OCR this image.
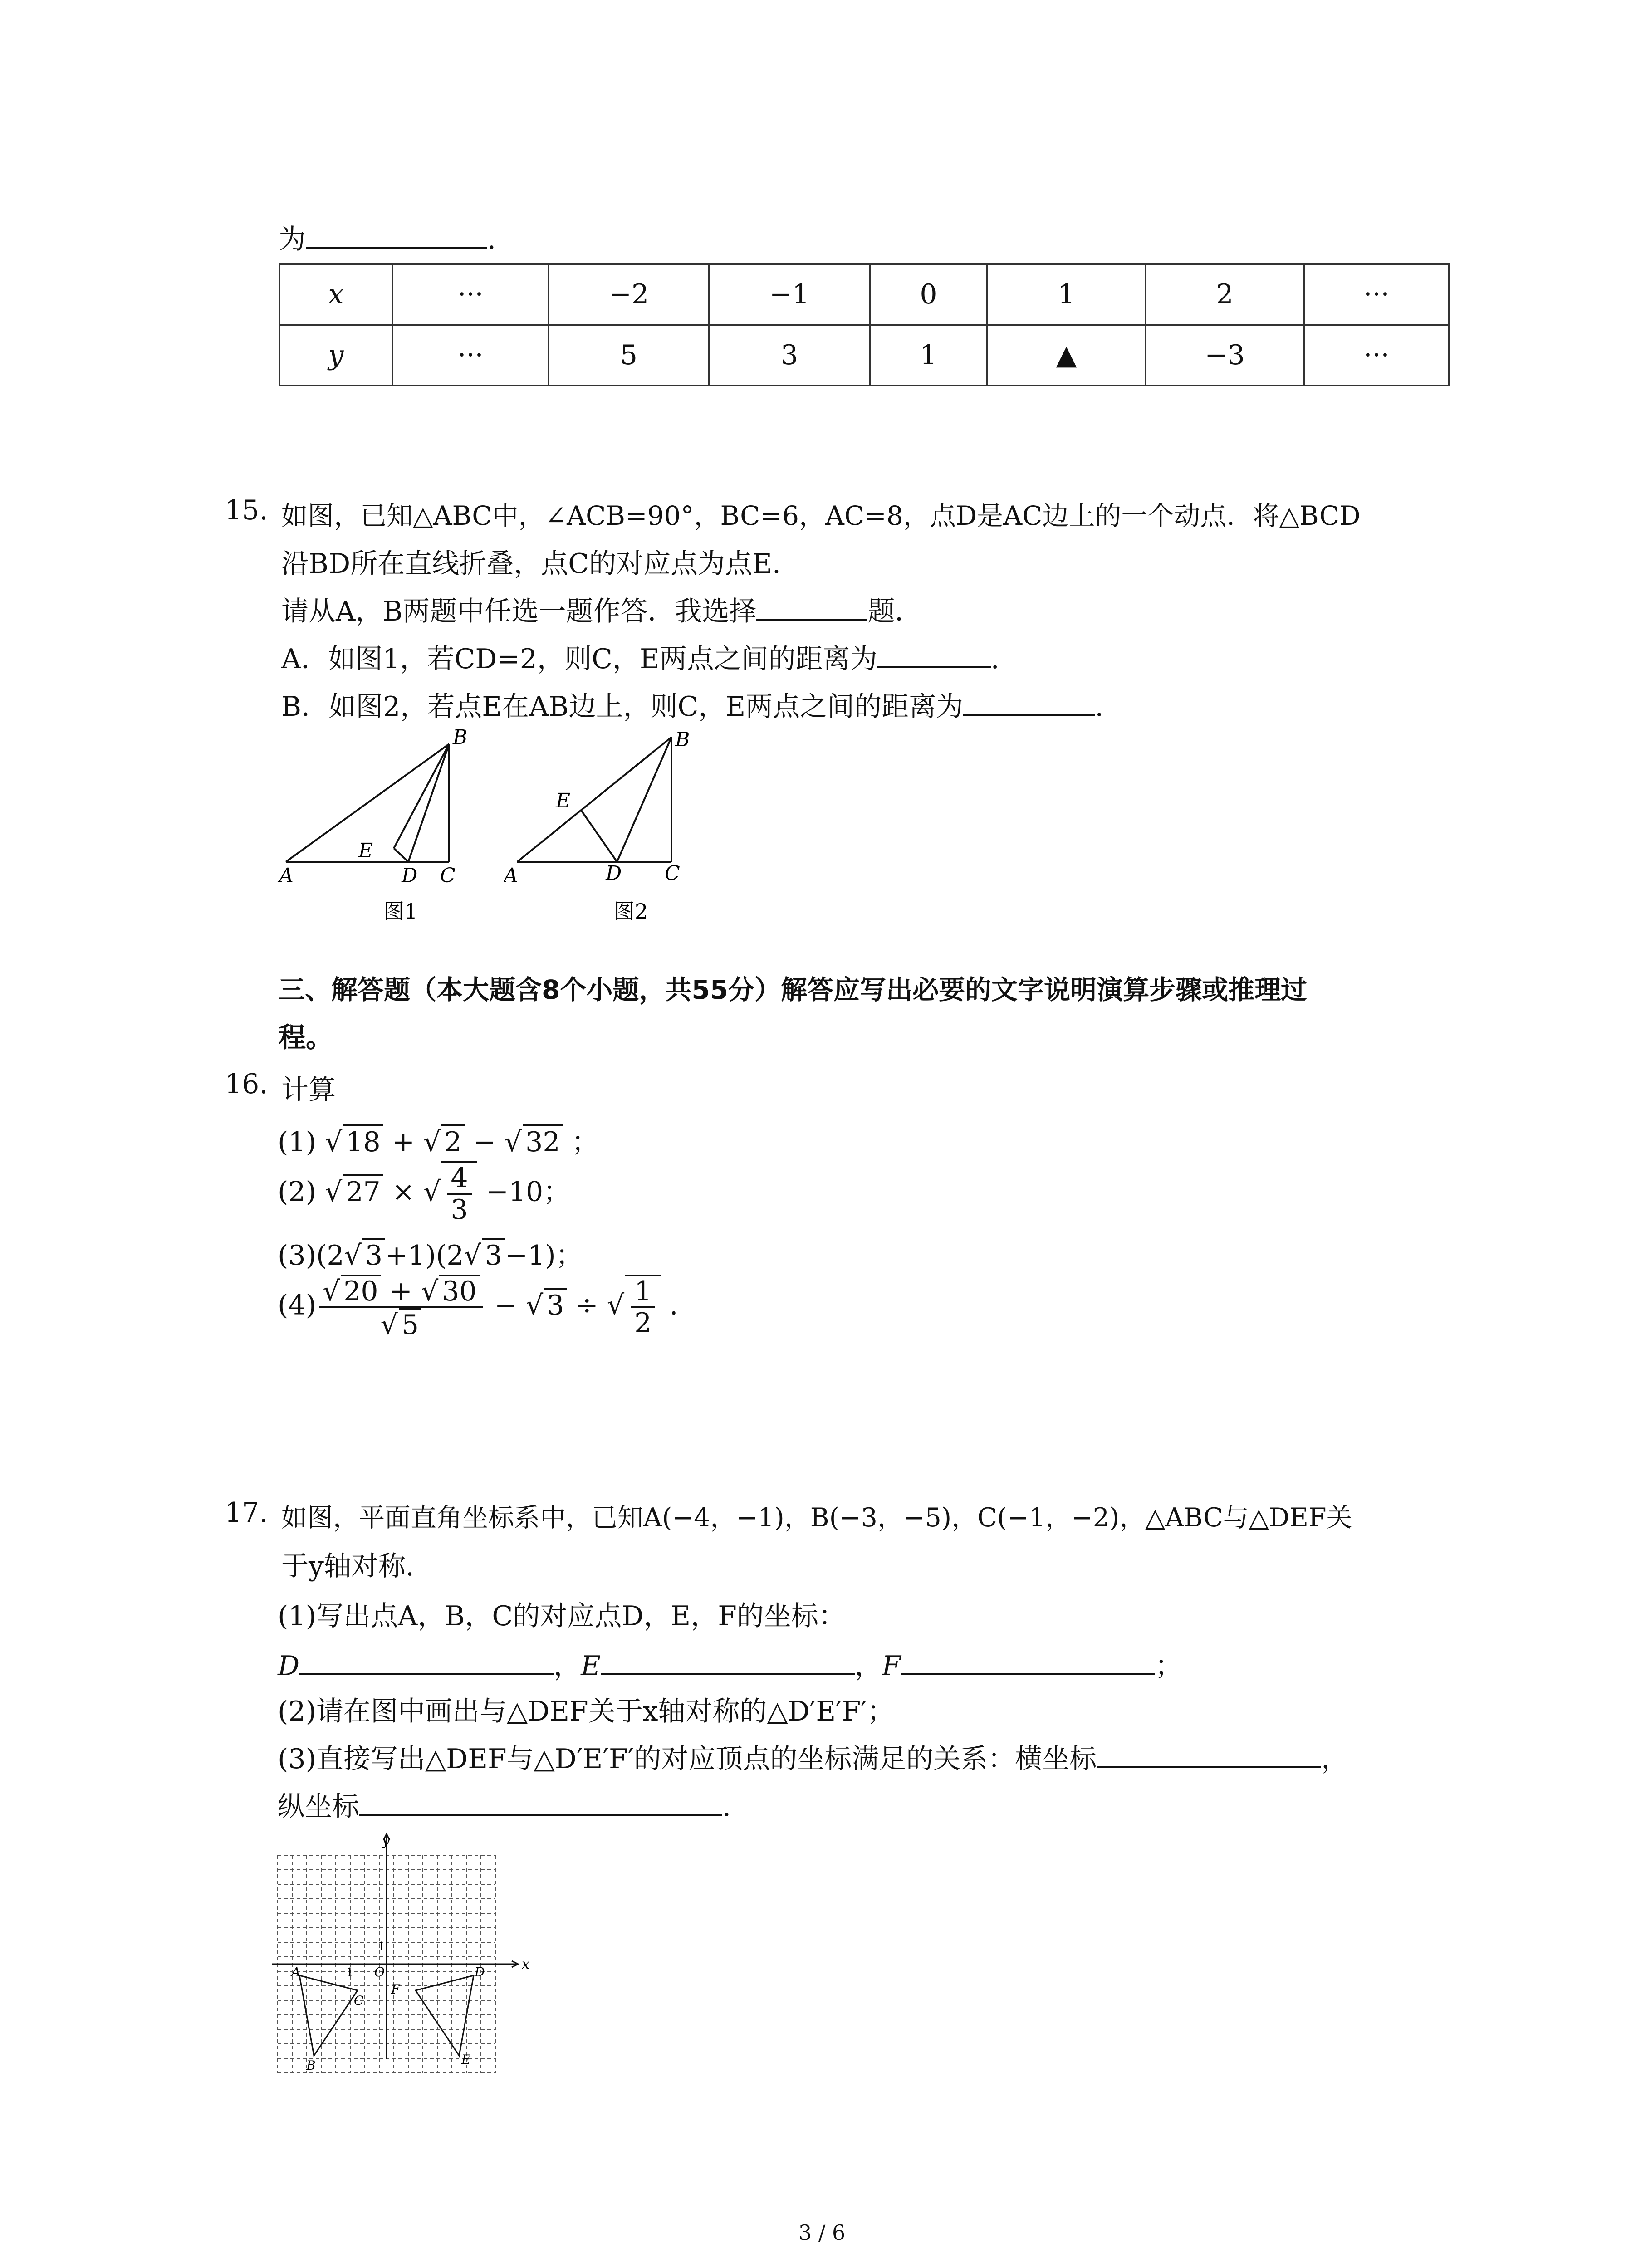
为	.
x	···	−2	−1	0	1	2	···
y	···	5	3	1	▲	−3	···
15. 如图，已知△ABC中，∠ACB=90°，BC=6，AC=8，点D是AC边上的一个动点．将△BCD
沿BD所在直线折叠，点C的对应点为点E.
请从A，B两题中任选一题作答．我选择	题．
A．如图1，若CD=2，则C，E两点之间的距离为	.
B．如图2，若点E在AB边上，则C，E两点之间的距离为	.
B
A	D C
E
图1
B
E
A	D C
图2
三、解答题（本大题含8个小题，共55分）解答应写出必要的文字说明演算步骤或推理过
程。
16. 计算
(1) √ 18 + √ 2 − √ 32 ；
(2) √ 27 × √ $\frac{4}{3} -10$；
(3)(2√ 3 +1)(2√ 3 −1)；
$(4) \frac{√ 20 + √ 30}{√ 5}$ − √ 3 ÷ √ $\frac{1}{2}$ .
17. 如图，平面直角坐标系中，已知A(−4，−1)，B(−3，−5)，C(−1，−2)，△ABC与△DEF关
于y轴对称.
(1)写出点A，B，C的对应点D，E，F的坐标：
D	，E	，F	；
(2)请在图中画出与△DEF关于x轴对称的△D′E′F′；
(3)直接写出△DEF与△D′E′F′的对应顶点的坐标满足的关系：横坐标	，
纵坐标	.
y
x
O
1
1
A
B
C
D
E
F
3 / 6
